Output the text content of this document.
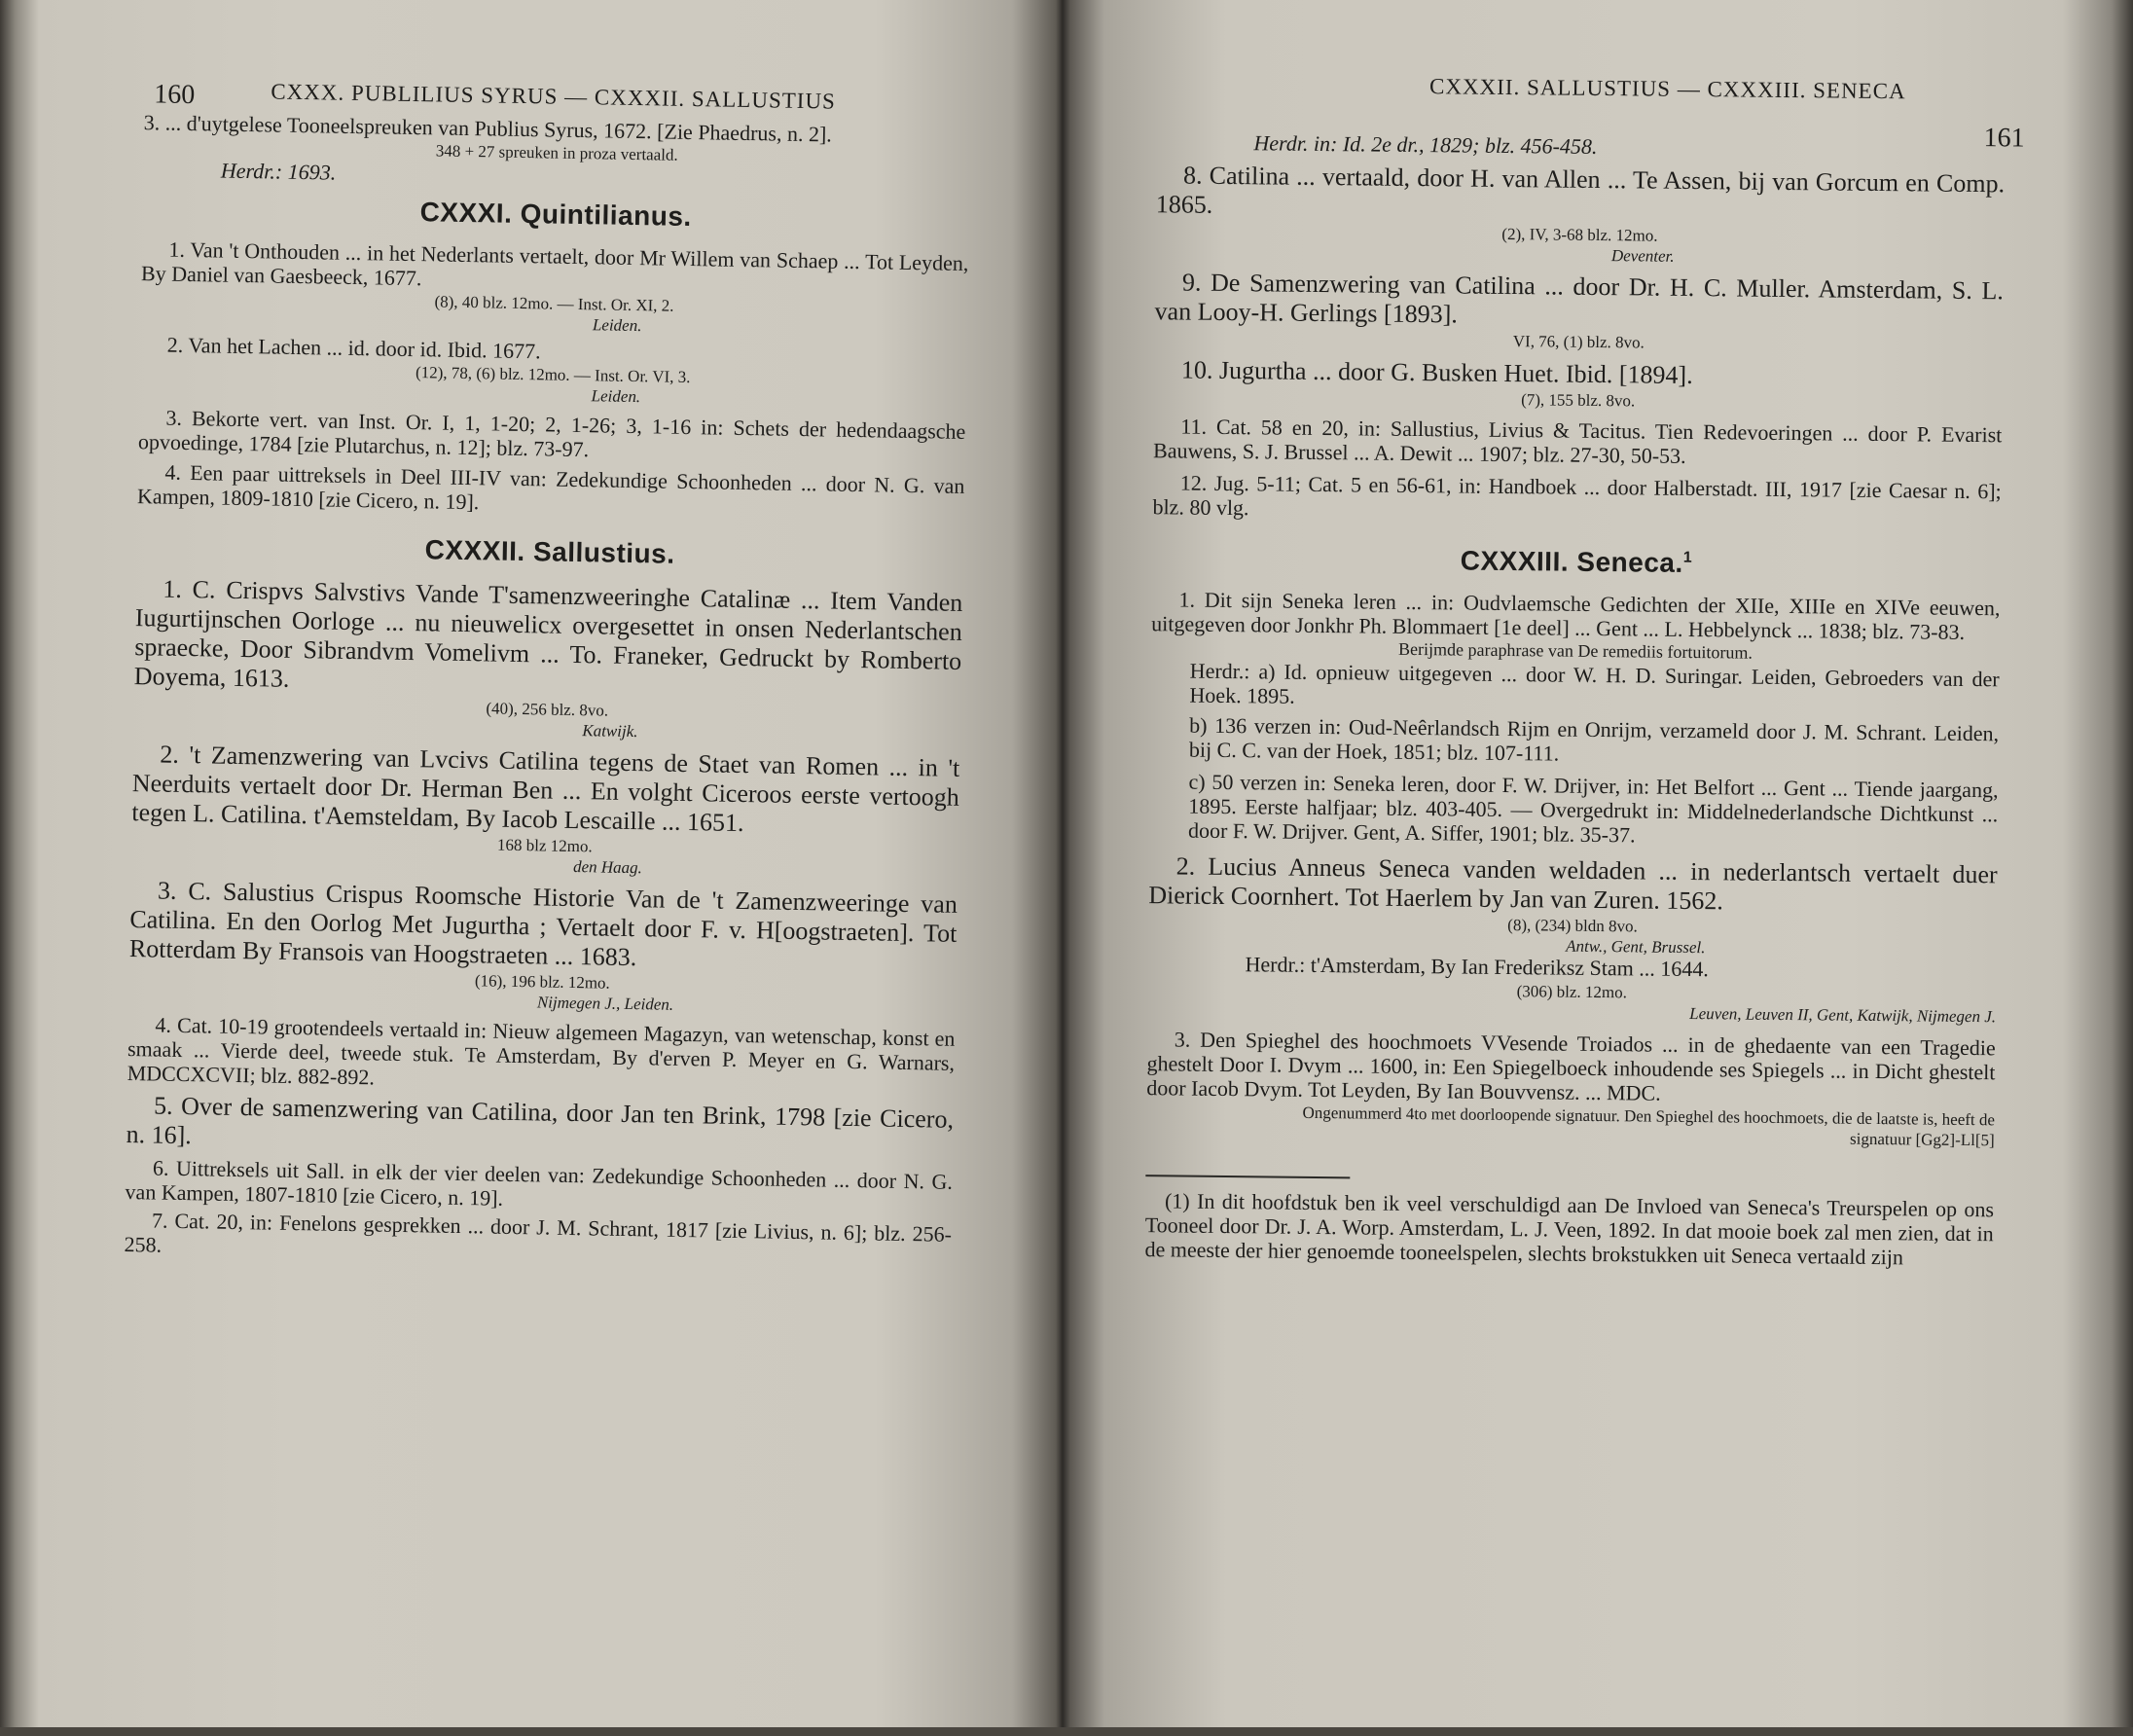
160	CXXX. PUBLILIUS SYRUS — CXXXII. SALLUSTIUS

3. ... d'uytgelese Tooneelspreuken van Publius Syrus, 1672. [Zie Phaedrus, n. 2].

348 + 27 spreuken in proza vertaald.
Herdr.: 1693.
CXXXI. Quintilianus.

1. Van 't Onthouden ... in het Nederlants vertaelt, door Mr Willem van Schaep ... Tot Leyden, By Daniel van Gaesbeeck, 1677.

(8), 40 blz. 12mo. — Inst. Or. XI, 2.
Leiden.

2. Van het Lachen ... id. door id. Ibid. 1677.

(12), 78, (6) blz. 12mo. — Inst. Or. VI, 3.
Leiden.

3. Bekorte vert. van Inst. Or. I, 1, 1-20; 2, 1-26; 3, 1-16 in: Schets der hedendaagsche opvoedinge, 1784 [zie Plutarchus, n. 12]; blz. 73-97.

4. Een paar uittreksels in Deel III-IV van: Zedekundige Schoonheden ... door N. G. van Kampen, 1809-1810 [zie Cicero, n. 19].

CXXXII. Sallustius.

1. C. Crispvs Salvstivs Vande T'samenzweeringhe Catalinæ ... Item Vanden Iugurtijnschen Oorloge ... nu nieuwelicx overgesettet in onsen Nederlantschen spraecke, Door Sibrandvm Vomelivm ... To. Franeker, Gedruckt by Romberto Doyema, 1613.

(40), 256 blz. 8vo.
Katwijk.

2. 't Zamenzwering van Lvcivs Catilina tegens de Staet van Romen ... in 't Neerduits vertaelt door Dr. Herman Ben ... En volght Ciceroos eerste vertoogh tegen L. Catilina. t'Aemsteldam, By Iacob Lescaille ... 1651.

168 blz 12mo.
den Haag.

3. C. Salustius Crispus Roomsche Historie Van de 't Zamenzweeringe van Catilina. En den Oorlog Met Jugurtha ; Vertaelt door F. v. H[oogstraeten]. Tot Rotterdam By Fransois van Hoogstraeten ... 1683.

(16), 196 blz. 12mo.
Nijmegen J., Leiden.

4. Cat. 10-19 grootendeels vertaald in: Nieuw algemeen Magazyn, van wetenschap, konst en smaak ... Vierde deel, tweede stuk. Te Amsterdam, By d'erven P. Meyer en G. Warnars, MDCCXCVII; blz. 882-892.

5. Over de samenzwering van Catilina, door Jan ten Brink, 1798 [zie Cicero, n. 16].

6. Uittreksels uit Sall. in elk der vier deelen van: Zedekundige Schoonheden ... door N. G. van Kampen, 1807-1810 [zie Cicero, n. 19].

7. Cat. 20, in: Fenelons gesprekken ... door J. M. Schrant, 1817 [zie Livius, n. 6]; blz. 256-258.

CXXXII. SALLUSTIUS — CXXXIII. SENECA
161
Herdr. in: Id. 2e dr., 1829; blz. 456-458.

8. Catilina ... vertaald, door H. van Allen ... Te Assen, bij van Gorcum en Comp. 1865.

(2), IV, 3-68 blz. 12mo.
Deventer.

9. De Samenzwering van Catilina ... door Dr. H. C. Muller. Amsterdam, S. L. van Looy-H. Gerlings [1893].

VI, 76, (1) blz. 8vo.

10. Jugurtha ... door G. Busken Huet. Ibid. [1894].

(7), 155 blz. 8vo.

11. Cat. 58 en 20, in: Sallustius, Livius & Tacitus. Tien Redevoeringen ... door P. Evarist Bauwens, S. J. Brussel ... A. Dewit ... 1907; blz. 27-30, 50-53.

12. Jug. 5-11; Cat. 5 en 56-61, in: Handboek ... door Halberstadt. III, 1917 [zie Caesar n. 6]; blz. 80 vlg.

CXXXIII. Seneca.$^1$

1. Dit sijn Seneka leren ... in: Oudvlaemsche Gedichten der XIIe, XIIIe en XIVe eeuwen, uitgegeven door Jonkhr Ph. Blommaert [1e deel] ... Gent ... L. Hebbelynck ... 1838; blz. 73-83.

Berijmde paraphrase van De remediis fortuitorum.
Herdr.: a) Id. opnieuw uitgegeven ... door W. H. D. Suringar. Leiden, Gebroeders van der Hoek. 1895.
b) 136 verzen in: Oud-Neêrlandsch Rijm en Onrijm, verzameld door J. M. Schrant. Leiden, bij C. C. van der Hoek, 1851; blz. 107-111.
c) 50 verzen in: Seneka leren, door F. W. Drijver, in: Het Belfort ... Gent ... Tiende jaargang, 1895. Eerste halfjaar; blz. 403-405. — Overgedrukt in: Middelnederlandsche Dichtkunst ... door F. W. Drijver. Gent, A. Siffer, 1901; blz. 35-37.

2. Lucius Anneus Seneca vanden weldaden ... in nederlantsch vertaelt duer Dierick Coornhert. Tot Haerlem by Jan van Zuren. 1562.

(8), (234) bldn 8vo.
Antw., Gent, Brussel.
Herdr.: t'Amsterdam, By Ian Frederiksz Stam ... 1644.
(306) blz. 12mo.
Leuven, Leuven II, Gent, Katwijk, Nijmegen J.

3. Den Spieghel des hoochmoets VVesende Troiados ... in de ghedaente van een Tragedie ghestelt Door I. Dvym ... 1600, in: Een Spiegelboeck inhoudende ses Spiegels ... in Dicht ghestelt door Iacob Dvym. Tot Leyden, By Ian Bouvvensz. ... MDC.

Ongenummerd 4to met doorloopende signatuur. Den Spieghel des hoochmoets, die de laatste is, heeft de signatuur [Gg2]-Ll[5]

(1) In dit hoofdstuk ben ik veel verschuldigd aan De Invloed van Seneca's Treurspelen op ons Tooneel door Dr. J. A. Worp. Amsterdam, L. J. Veen, 1892. In dat mooie boek zal men zien, dat in de meeste der hier genoemde tooneelspelen, slechts brokstukken uit Seneca vertaald zijn
